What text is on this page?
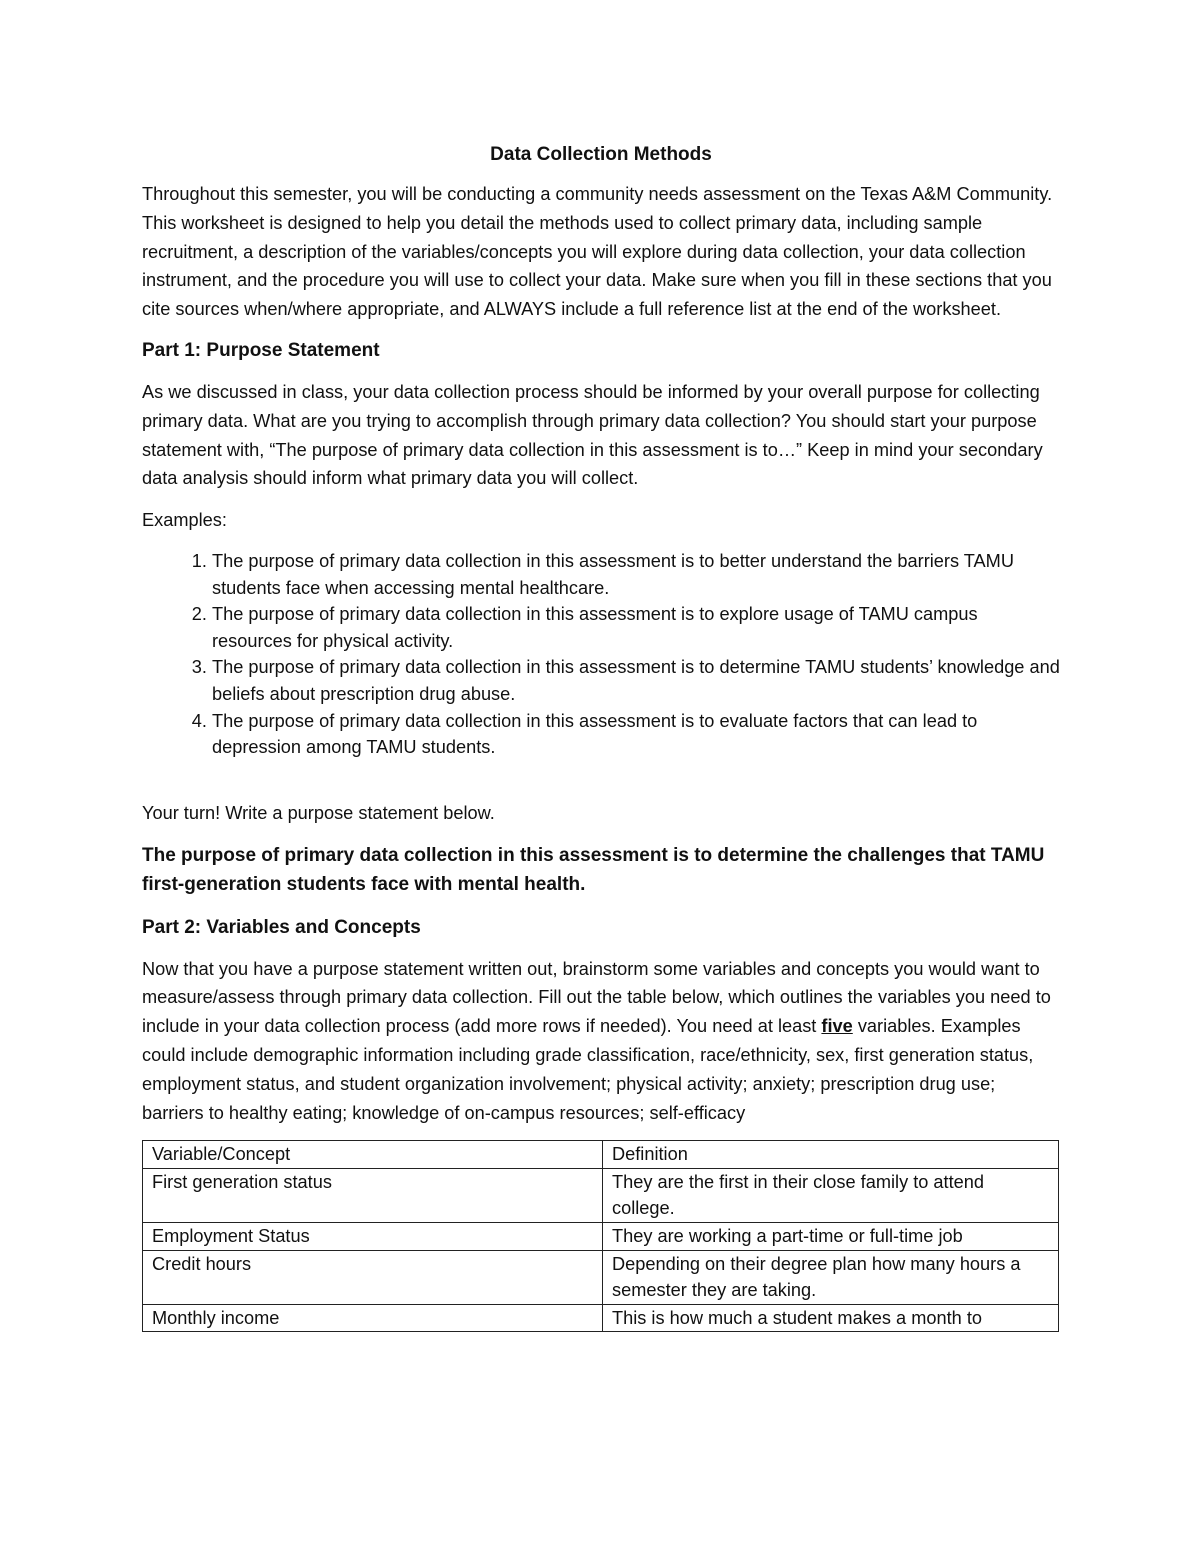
Data Collection Methods

Throughout this semester, you will be conducting a community needs assessment on the Texas A&M Community. This worksheet is designed to help you detail the methods used to collect primary data, including sample recruitment, a description of the variables/concepts you will explore during data collection, your data collection instrument, and the procedure you will use to collect your data. Make sure when you fill in these sections that you cite sources when/where appropriate, and ALWAYS include a full reference list at the end of the worksheet.

Part 1: Purpose Statement

As we discussed in class, your data collection process should be informed by your overall purpose for collecting primary data. What are you trying to accomplish through primary data collection? You should start your purpose statement with, “The purpose of primary data collection in this assessment is to…” Keep in mind your secondary data analysis should inform what primary data you will collect.

Examples:

1. The purpose of primary data collection in this assessment is to better understand the barriers TAMU students face when accessing mental healthcare.
2. The purpose of primary data collection in this assessment is to explore usage of TAMU campus resources for physical activity.
3. The purpose of primary data collection in this assessment is to determine TAMU students’ knowledge and beliefs about prescription drug abuse.
4. The purpose of primary data collection in this assessment is to evaluate factors that can lead to depression among TAMU students.

Your turn! Write a purpose statement below.

The purpose of primary data collection in this assessment is to determine the challenges that TAMU first-generation students face with mental health.

Part 2: Variables and Concepts

Now that you have a purpose statement written out, brainstorm some variables and concepts you would want to measure/assess through primary data collection. Fill out the table below, which outlines the variables you need to include in your data collection process (add more rows if needed). You need at least five variables. Examples could include demographic information including grade classification, race/ethnicity, sex, first generation status, employment status, and student organization involvement; physical activity; anxiety; prescription drug use; barriers to healthy eating; knowledge of on-campus resources; self-efficacy

Variable/Concept	Definition
First generation status	They are the first in their close family to attend college.
Employment Status	They are working a part-time or full-time job
Credit hours	Depending on their degree plan how many hours a semester they are taking.
Monthly income	This is how much a student makes a month to
